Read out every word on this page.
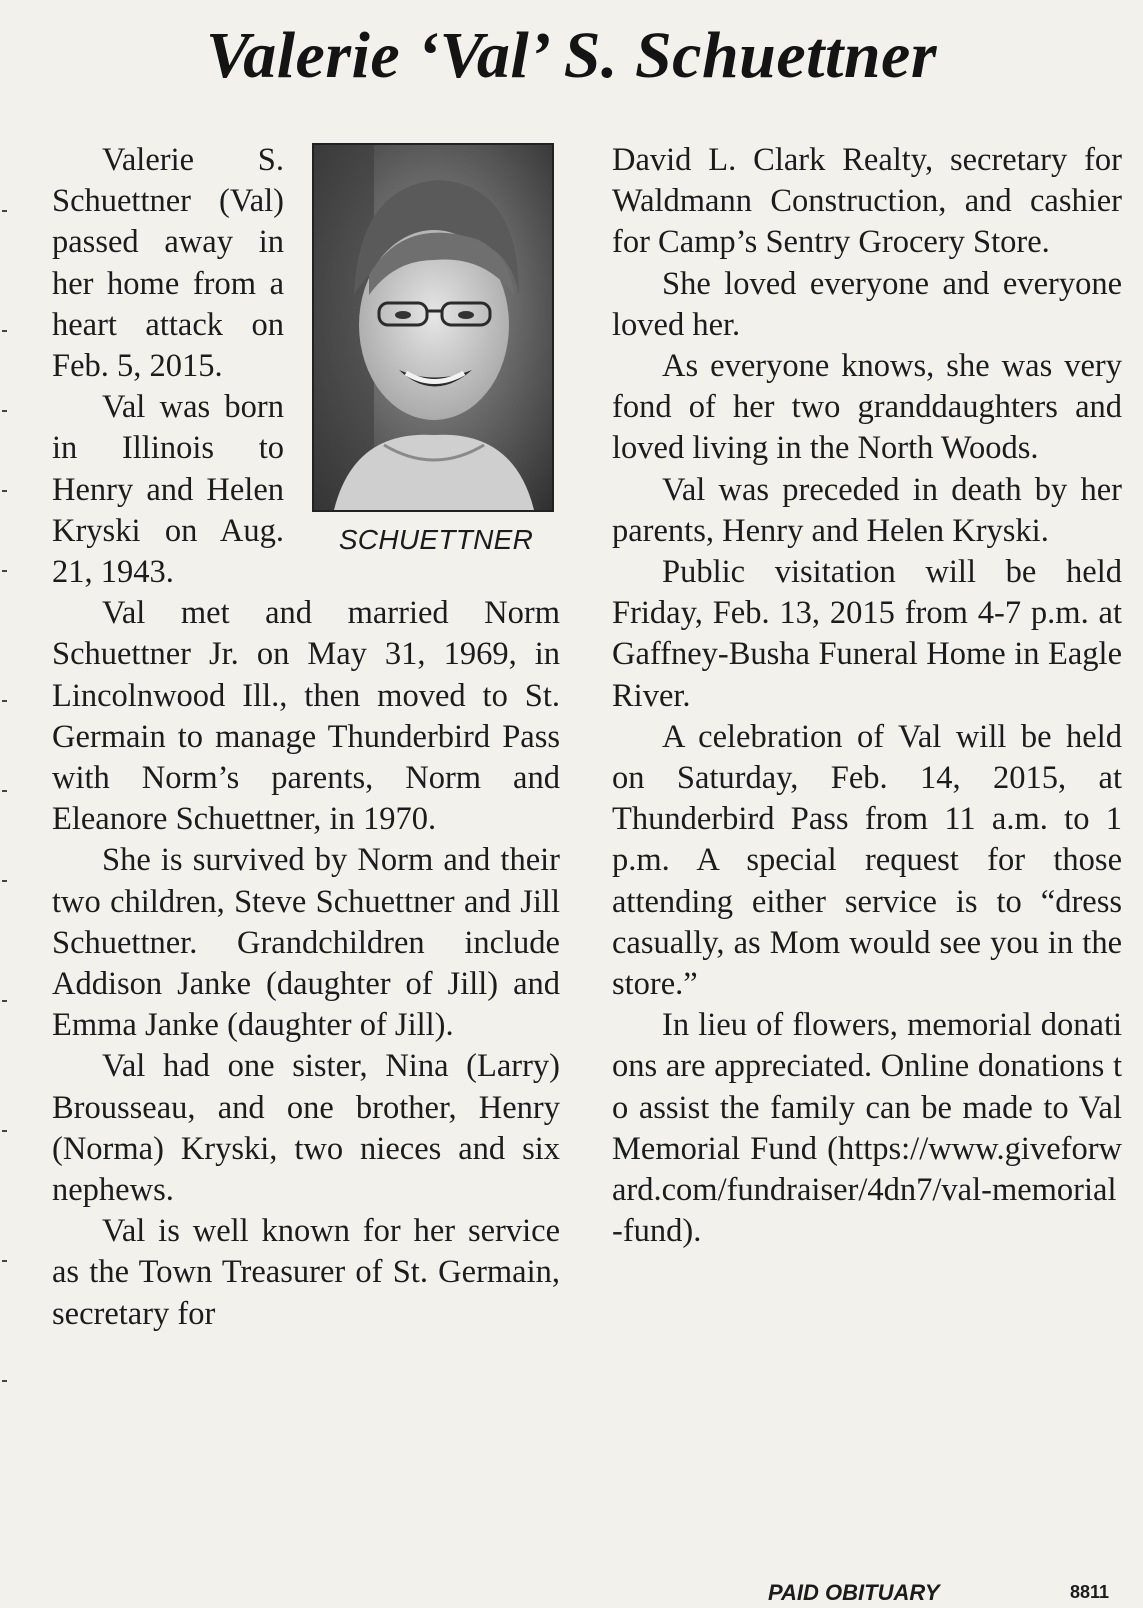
Valerie ‘Val’ S. Schuettner
SCHUETTNER

Valerie S. Schuettner (Val) passed away in her home from a heart attack on Feb. 5, 2015.

Val was born in Illinois to Henry and Helen Kryski on Aug. 21, 1943.

Val met and married Norm Schuettner Jr. on May 31, 1969, in Lincolnwood Ill., then moved to St. Germain to manage Thunderbird Pass with Norm’s parents, Norm and Eleanore Schuettner, in 1970.

She is survived by Norm and their two children, Steve Schuettner and Jill Schuettner. Grandchildren include Addison Janke (daughter of Jill) and Emma Janke (daughter of Jill).

Val had one sister, Nina (Larry) Brousseau, and one brother, Henry (Norma) Kryski, two nieces and six nephews.

Val is well known for her service as the Town Treasurer of St. Germain, secretary for

David L. Clark Realty, secretary for Waldmann Construction, and cashier for Camp’s Sentry Grocery Store.

She loved everyone and everyone loved her.

As everyone knows, she was very fond of her two granddaughters and loved living in the North Woods.

Val was preceded in death by her parents, Henry and Helen Kryski.

Public visitation will be held Friday, Feb. 13, 2015 from 4-7 p.m. at Gaffney-Busha Funeral Home in Eagle River.

A celebration of Val will be held on Saturday, Feb. 14, 2015, at Thunderbird Pass from 11 a.m. to 1 p.m. A special request for those attending either service is to “dress casually, as Mom would see you in the store.”

In lieu of flowers, memorial donations are appreciated. Online donations to assist the family can be made to Val Memorial Fund (https://www.giveforward.com/fundraiser/4dn7/val-memorial-fund).

PAID OBITUARY	8811
